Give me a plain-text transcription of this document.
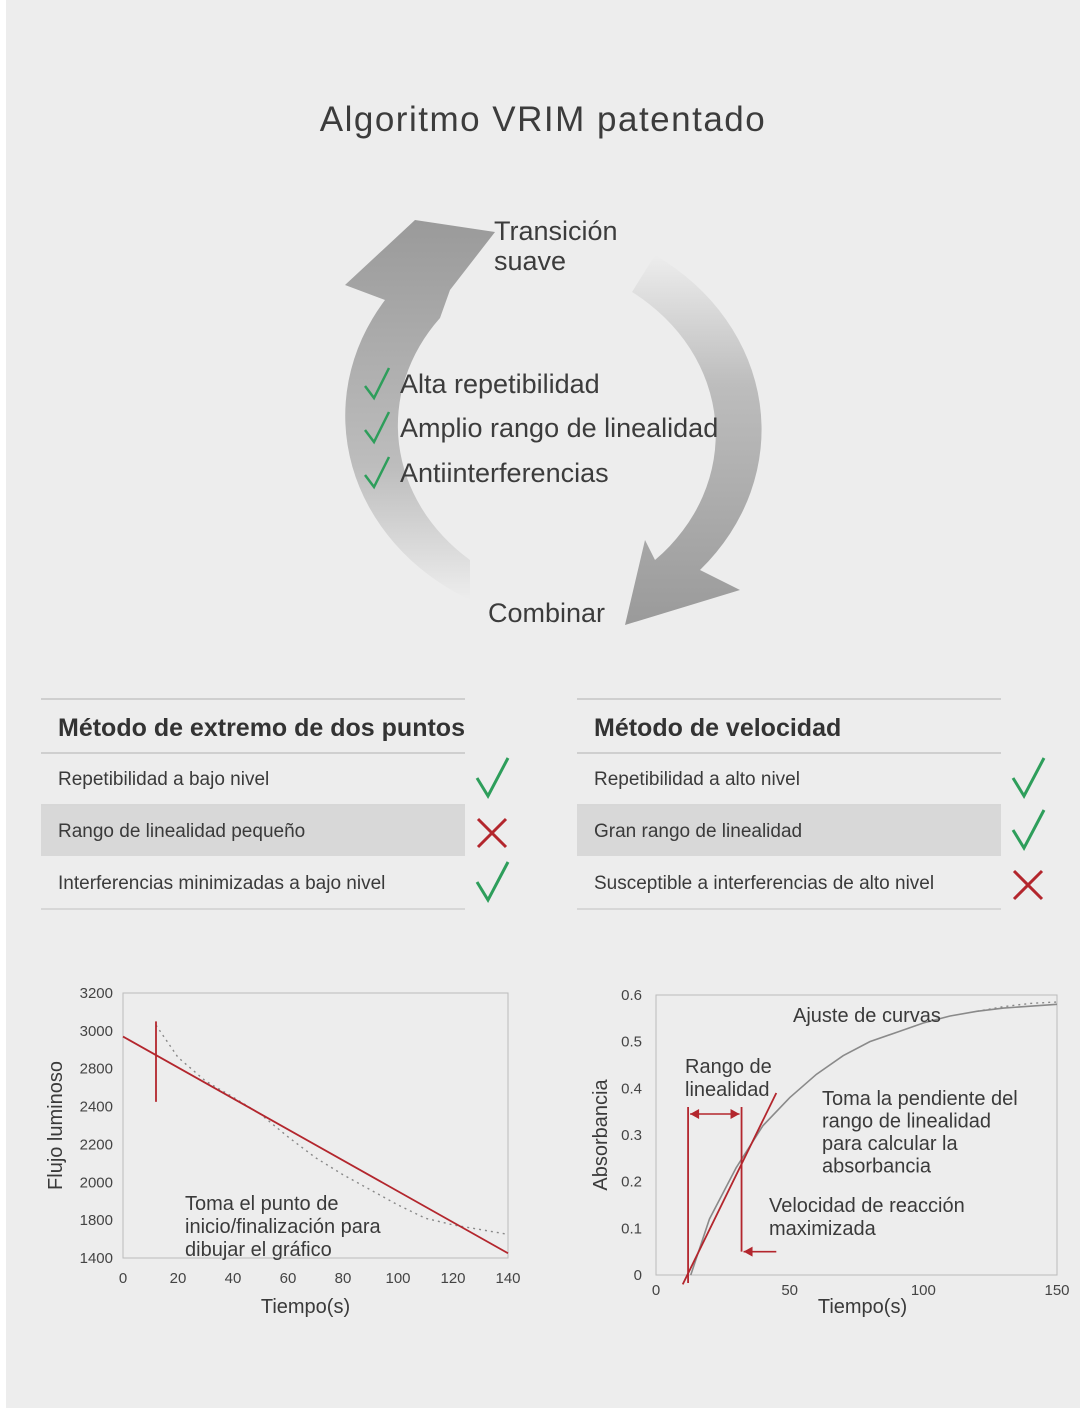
Algoritmo VRIM patentado
Transición
suave
Combinar
Alta repetibilidad
Amplio rango de linealidad
Antiinterferencias
Método de extremo de dos puntos
Repetibilidad a bajo nivel
Rango de linealidad pequeño
Interferencias minimizadas a bajo nivel
Método de velocidad
Repetibilidad a alto nivel
Gran rango de linealidad
Susceptible a interferencias de alto nivel
1400
1800
2000
2200
2400
2800
3000
3200
0	20	40	60	80 100 120 140
Tiempo(s)
Flujo luminoso
Toma el punto de
inicio/finalización para
dibujar el gráfico
0
0.1
0.2
0.3
0.4
0.5
0.6
0	50	100	150
Tiempo(s)
Absorbancia
Ajuste de curvas
Rango de
linealidad	Toma la pendiente del
rango de linealidad
para calcular la
absorbancia
Velocidad de reacción
maximizada
